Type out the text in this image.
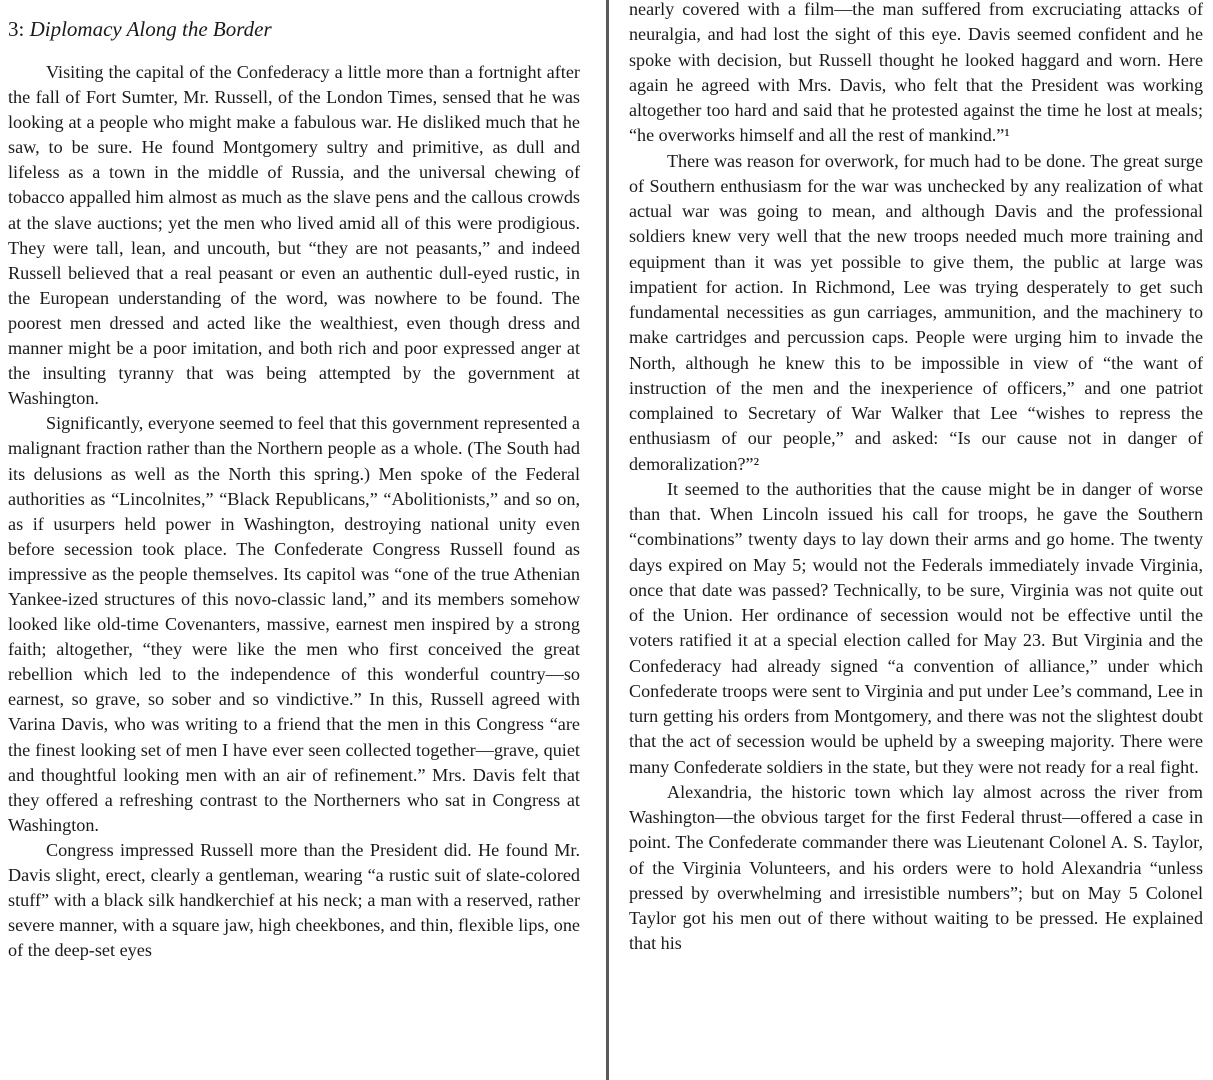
3: Diplomacy Along the Border

Visiting the capital of the Confederacy a little more than a fortnight after the fall of Fort Sumter, Mr. Russell, of the London Times, sensed that he was looking at a people who might make a fabulous war. He disliked much that he saw, to be sure. He found Montgomery sultry and primitive, as dull and lifeless as a town in the middle of Russia, and the universal chewing of tobacco appalled him almost as much as the slave pens and the callous crowds at the slave auctions; yet the men who lived amid all of this were prodigious. They were tall, lean, and uncouth, but “they are not peasants,” and indeed Russell believed that a real peasant or even an authentic dull-eyed rustic, in the European understanding of the word, was nowhere to be found. The poorest men dressed and acted like the wealthiest, even though dress and manner might be a poor imitation, and both rich and poor expressed anger at the insulting tyranny that was being attempted by the government at Washington.

Significantly, everyone seemed to feel that this government represented a malignant fraction rather than the Northern people as a whole. (The South had its delusions as well as the North this spring.) Men spoke of the Federal authorities as “Lincolnites,” “Black Republicans,” “Abolitionists,” and so on, as if usurpers held power in Washington, destroying national unity even before secession took place. The Confederate Congress Russell found as impressive as the people themselves. Its capitol was “one of the true Athenian Yankee-ized structures of this novo-classic land,” and its members somehow looked like old-time Covenanters, massive, earnest men inspired by a strong faith; altogether, “they were like the men who first conceived the great rebellion which led to the independence of this wonderful country—so earnest, so grave, so sober and so vindictive.” In this, Russell agreed with Varina Davis, who was writing to a friend that the men in this Congress “are the finest looking set of men I have ever seen collected together—grave, quiet and thoughtful looking men with an air of refinement.” Mrs. Davis felt that they offered a refreshing contrast to the Northerners who sat in Congress at Washington.

Congress impressed Russell more than the President did. He found Mr. Davis slight, erect, clearly a gentleman, wearing “a rustic suit of slate-colored stuff” with a black silk handkerchief at his neck; a man with a reserved, rather severe manner, with a square jaw, high cheekbones, and thin, flexible lips, one of the deep-set eyes

nearly covered with a film—the man suffered from excruciating attacks of neuralgia, and had lost the sight of this eye. Davis seemed confident and he spoke with decision, but Russell thought he looked haggard and worn. Here again he agreed with Mrs. Davis, who felt that the President was working altogether too hard and said that he protested against the time he lost at meals; “he overworks himself and all the rest of mankind.”¹

There was reason for overwork, for much had to be done. The great surge of Southern enthusiasm for the war was unchecked by any realization of what actual war was going to mean, and although Davis and the professional soldiers knew very well that the new troops needed much more training and equipment than it was yet possible to give them, the public at large was impatient for action. In Richmond, Lee was trying desperately to get such fundamental necessities as gun carriages, ammunition, and the machinery to make cartridges and percussion caps. People were urging him to invade the North, although he knew this to be impossible in view of “the want of instruction of the men and the inexperience of officers,” and one patriot complained to Secretary of War Walker that Lee “wishes to repress the enthusiasm of our people,” and asked: “Is our cause not in danger of demoralization?”²

It seemed to the authorities that the cause might be in danger of worse than that. When Lincoln issued his call for troops, he gave the Southern “combinations” twenty days to lay down their arms and go home. The twenty days expired on May 5; would not the Federals immediately invade Virginia, once that date was passed? Technically, to be sure, Virginia was not quite out of the Union. Her ordinance of secession would not be effective until the voters ratified it at a special election called for May 23. But Virginia and the Confederacy had already signed “a convention of alliance,” under which Confederate troops were sent to Virginia and put under Lee’s command, Lee in turn getting his orders from Montgomery, and there was not the slightest doubt that the act of secession would be upheld by a sweeping majority. There were many Confederate soldiers in the state, but they were not ready for a real fight.

Alexandria, the historic town which lay almost across the river from Washington—the obvious target for the first Federal thrust—offered a case in point. The Confederate commander there was Lieutenant Colonel A. S. Taylor, of the Virginia Volunteers, and his orders were to hold Alexandria “unless pressed by overwhelming and irresistible numbers”; but on May 5 Colonel Taylor got his men out of there without waiting to be pressed. He explained that his
